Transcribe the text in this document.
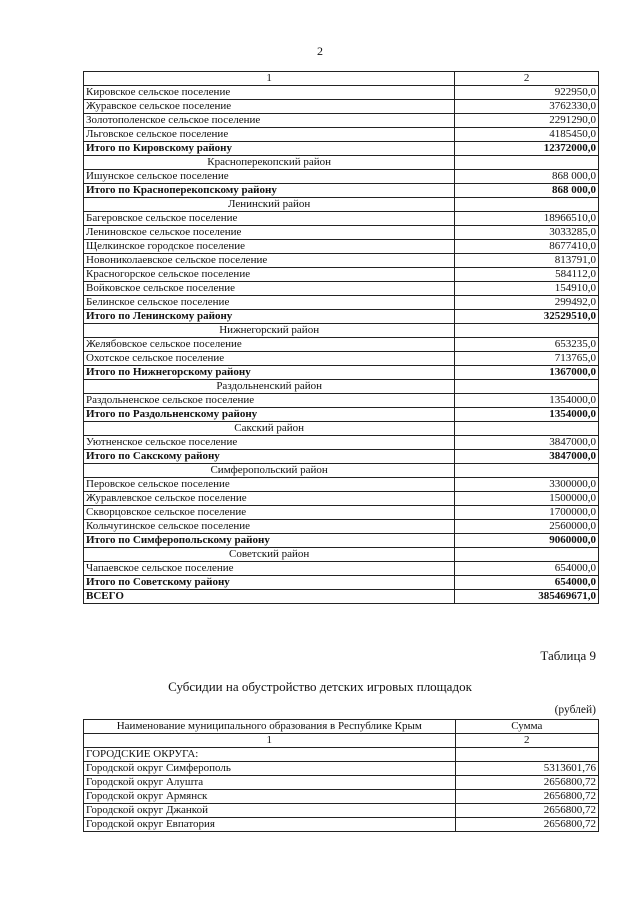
2
1	2
Кировское сельское поселение	922950,0
Журавское сельское поселение	3762330,0
Золотополенское сельское поселение	2291290,0
Льговское сельское поселение	4185450,0
Итого по Кировскому району	12372000,0
Красноперекопский район	
Ишунское сельское поселение	868 000,0
Итого по Красноперекопскому району	868 000,0
Ленинский район	
Багеровское сельское поселение	18966510,0
Лениновское сельское поселение	3033285,0
Щелкинское городское поселение	8677410,0
Новониколаевское сельское поселение	813791,0
Красногорское сельское поселение	584112,0
Войковское сельское поселение	154910,0
Белинское сельское поселение	299492,0
Итого по Ленинскому району	32529510,0
Нижнегорский район	
Желябовское сельское поселение	653235,0
Охотское сельское поселение	713765,0
Итого по Нижнегорскому району	1367000,0
Раздольненский район	
Раздольненское сельское поселение	1354000,0
Итого по Раздольненскому району	1354000,0
Сакский район	
Уютненское сельское поселение	3847000,0
Итого по Сакскому району	3847000,0
Симферопольский район	
Перовское сельское поселение	3300000,0
Журавлевское сельское поселение	1500000,0
Скворцовское сельское поселение	1700000,0
Кольчугинское сельское поселение	2560000,0
Итого по Симферопольскому району	9060000,0
Советский район	
Чапаевское сельское поселение	654000,0
Итого по Советскому району	654000,0
ВСЕГО	385469671,0
Таблица 9
Субсидии на обустройство детских игровых площадок
(рублей)
Наименование муниципального образования в Республике Крым	Сумма
1	2
ГОРОДСКИЕ ОКРУГА:	
Городской округ Симферополь	5313601,76
Городской округ Алушта	2656800,72
Городской округ Армянск	2656800,72
Городской округ Джанкой	2656800,72
Городской округ Евпатория	2656800,72
